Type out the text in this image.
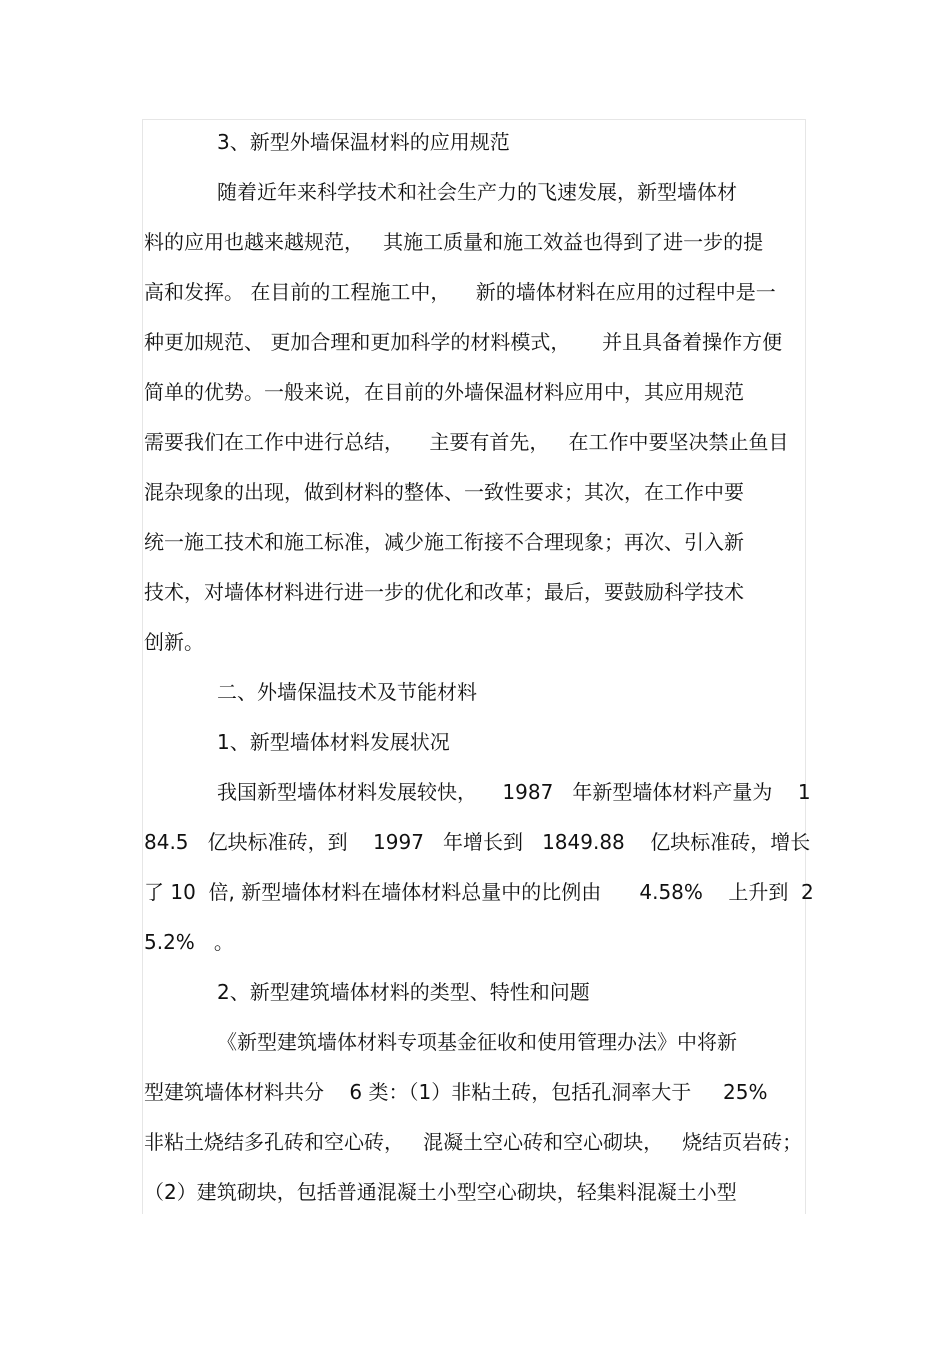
3、新型外墙保温材料的应用规范
随着近年来科学技术和社会生产力的飞速发展，新型墙体材
料的应用也越来越规范，   其施工质量和施工效益也得到了进一步的提
高和发挥。 在目前的工程施工中，    新的墙体材料在应用的过程中是一
种更加规范、 更加合理和更加科学的材料模式，     并且具备着操作方便
简单的优势。一般来说，在目前的外墙保温材料应用中，其应用规范
需要我们在工作中进行总结，    主要有首先，   在工作中要坚决禁止鱼目
混杂现象的出现，做到材料的整体、一致性要求；其次，在工作中要
统一施工技术和施工标准，减少施工衔接不合理现象；再次、引入新
技术，对墙体材料进行进一步的优化和改革；最后，要鼓励科学技术
创新。
二、外墙保温技术及节能材料
1、新型墙体材料发展状况
我国新型墙体材料发展较快，    1987   年新型墙体材料产量为    1
84.5   亿块标准砖，到    1997   年增长到   1849.88    亿块标准砖，增长
了 10  倍, 新型墙体材料在墙体材料总量中的比例由      4.58%    上升到  2
5.2%   。
2、新型建筑墙体材料的类型、特性和问题
《新型建筑墙体材料专项基金征收和使用管理办法》中将新
型建筑墙体材料共分    6 类：（1）非粘土砖，包括孔洞率大于     25%
非粘土烧结多孔砖和空心砖，   混凝土空心砖和空心砌块，   烧结页岩砖；
（2）建筑砌块，包括普通混凝土小型空心砌块，轻集料混凝土小型
